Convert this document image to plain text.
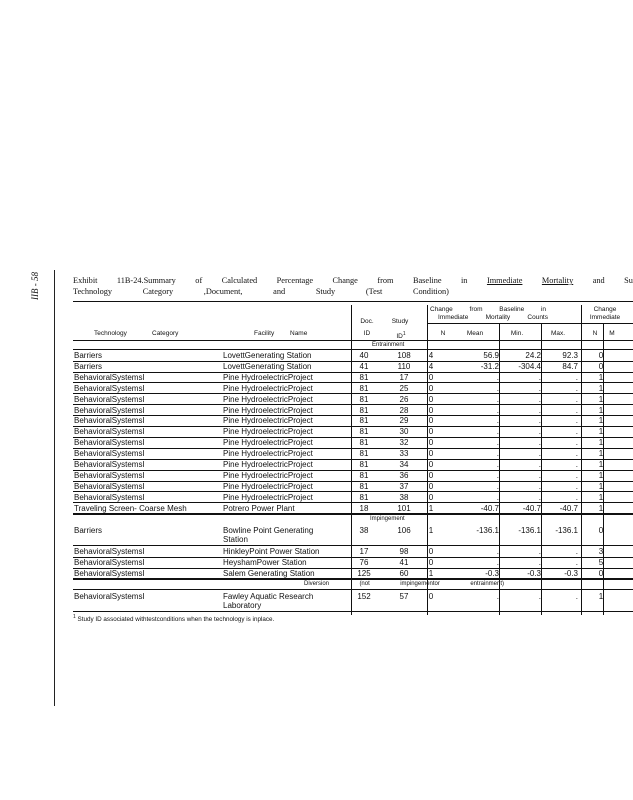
IIB - 58	Exhibit 11B-24.Summary of Calculated Percentage Change from Baseline in Immediate Mortality and Su
Technology	Category	,Document,	and	Study	(Test	Condition)
Change	from	Baseline	in
Immediate	Mortality	Counts
Change
Immediate
Doc.	Study
Technology	Category	Facility Name	ID	$ID^1$	N	Mean	Min.	Max.	N	M
Entrainment
Barriers	LovettGenerating Station	40	108	4	56.9	24.2	92.3	0
Barriers	LovettGenerating Station	41	110	4	-31.2	-304.4	84.7	0
BehavioralSystemsI	Pine HydroelectricProject	81	17	0	.	.	.	1
BehavioralSystemsI	Pine HydroelectricProject	81	25	0	.	.	.	1
BehavioralSystemsI	Pine HydroelectricProject	81	26	0	.	.	.	1
BehavioralSystemsI	Pine HydroelectricProject	81	28	0	.	.	.	1
BehavioralSystemsI	Pine HydroelectricProject	81	29	0	.	.	.	1
BehavioralSystemsI	Pine HydroelectricProject	81	30	0	.	.	.	1
BehavioralSystemsI	Pine HydroelectricProject	81	32	0	.	.	.	1
BehavioralSystemsI	Pine HydroelectricProject	81	33	0	.	.	.	1
BehavioralSystemsI	Pine HydroelectricProject	81	34	0	.	.	.	1
BehavioralSystemsI	Pine HydroelectricProject	81	36	0	.	.	.	1
BehavioralSystemsI	Pine HydroelectricProject	81	37	0	.	.	.	1
BehavioralSystemsI	Pine HydroelectricProject	81	38	0	.	.	.	1
Traveling Screen- Coarse Mesh	Potrero Power Plant	18	101	1	-40.7	-40.7	-40.7	1
Impingement
Barriers	Bowline Point Generating	38	106	1	-136.1	-136.1	-136.1	0
Station
BehavioralSystemsI	HinkleyPoint Power Station	17	98	0	.	.	.	3
BehavioralSystemsI	HeyshamPower Station	76	41	0	.	.	.	5
BehavioralSystemsI	Salem Generating Station	125	60	1	-0.3	-0.3	-0.3	0
Diversion	(not	impingementor	entrainment)
BehavioralSystemsI	Fawley Aquatic Research	152	57	0	.	.	.	1
Laboratory
$^1$ Study ID associated withtestconditions when the technology is inplace.
